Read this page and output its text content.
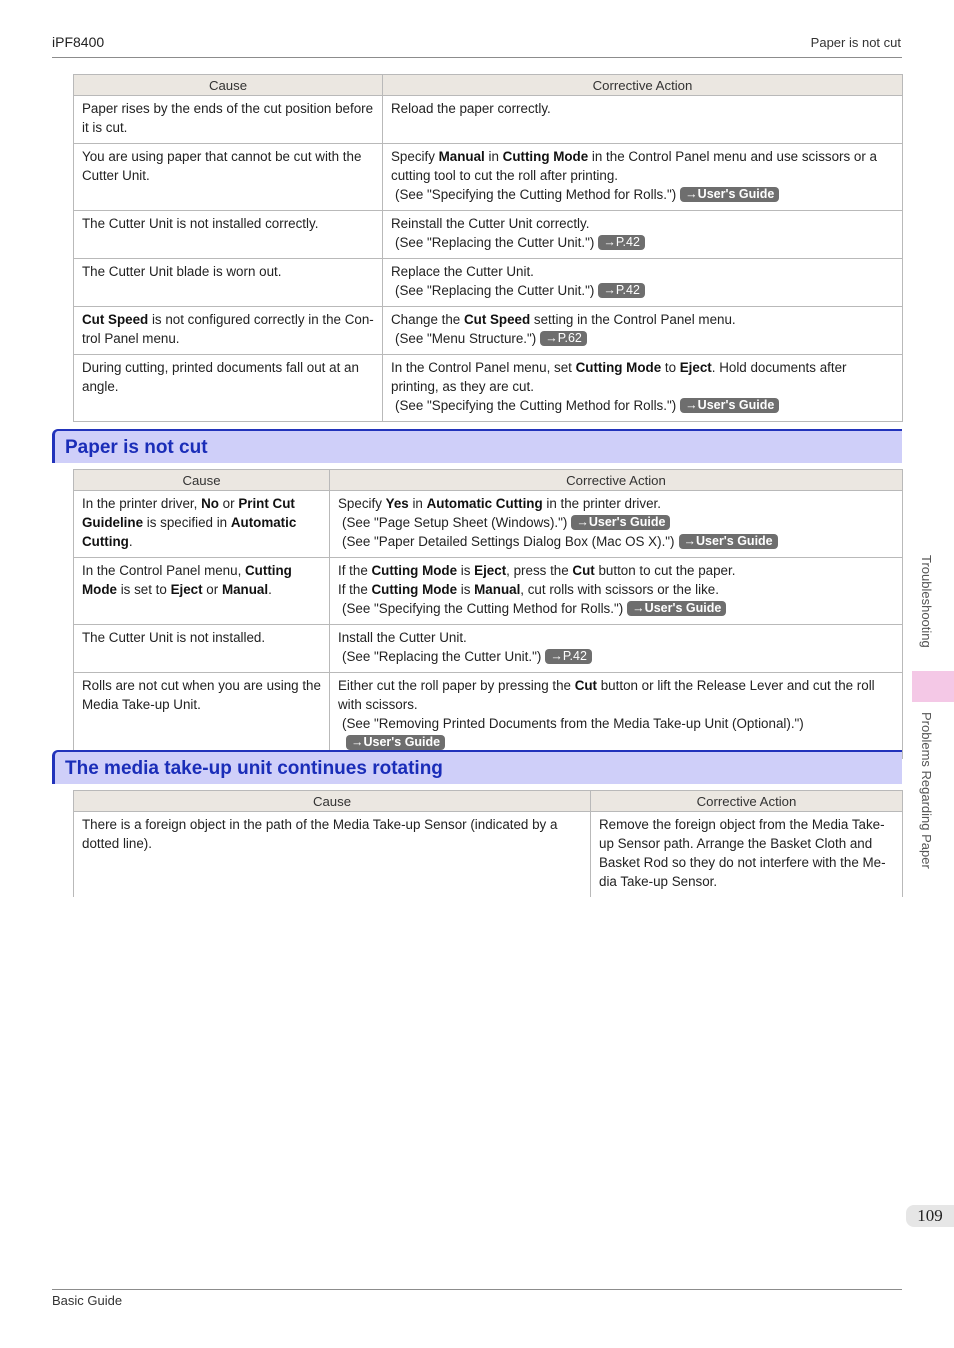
iPF8400	Paper is not cut
Cause	Corrective Action
Paper rises by the ends of the cut position before it is cut.	Reload the paper correctly.

You are using paper that cannot be cut with the Cutter Unit.	Specify Manual in Cutting Mode in the Control Panel menu and use scissors or a cutting tool to cut the roll after printing.
(See "Specifying the Cutting Method for Rolls.") →User's Guide

The Cutter Unit is not installed correctly.	Reinstall the Cutter Unit correctly.
(See "Replacing the Cutter Unit.") →P.42

The Cutter Unit blade is worn out.	Replace the Cutter Unit.
(See "Replacing the Cutter Unit.") →P.42

Cut Speed is not configured correctly in the Con-trol Panel menu.	Change the Cut Speed setting in the Control Panel menu.
(See "Menu Structure.") →P.62

During cutting, printed documents fall out at an angle.	In the Control Panel menu, set Cutting Mode to Eject. Hold documents after printing, as they are cut.
(See "Specifying the Cutting Method for Rolls.") →User's Guide
Paper is not cut
Cause	Corrective Action
In the printer driver, No or Print Cut Guideline is specified in Automatic Cutting.	Specify Yes in Automatic Cutting in the printer driver.
(See "Page Setup Sheet (Windows).") →User's Guide
(See "Paper Detailed Settings Dialog Box (Mac OS X).") →User's Guide

In the Control Panel menu, Cutting Mode is set to Eject or Manual.	If the Cutting Mode is Eject, press the Cut button to cut the paper.
If the Cutting Mode is Manual, cut rolls with scissors or the like.
(See "Specifying the Cutting Method for Rolls.") →User's Guide

The Cutter Unit is not installed.	Install the Cutter Unit.
(See "Replacing the Cutter Unit.") →P.42

Rolls are not cut when you are using the Media Take-up Unit.	Either cut the roll paper by pressing the Cut button or lift the Release Lever and cut the roll with scissors.
(See "Removing Printed Documents from the Media Take-up Unit (Optional).")→User's Guide
The media take-up unit continues rotating
Cause	Corrective Action
There is a foreign object in the path of the Media Take-up Sensor (indicated by a dotted line).	Remove the foreign object from the Media Take-up Sensor path. Arrange the Basket Cloth and Basket Rod so they do not interfere with the Me-dia Take-up Sensor.
Troubleshooting
Problems Regarding Paper
109
Basic Guide
